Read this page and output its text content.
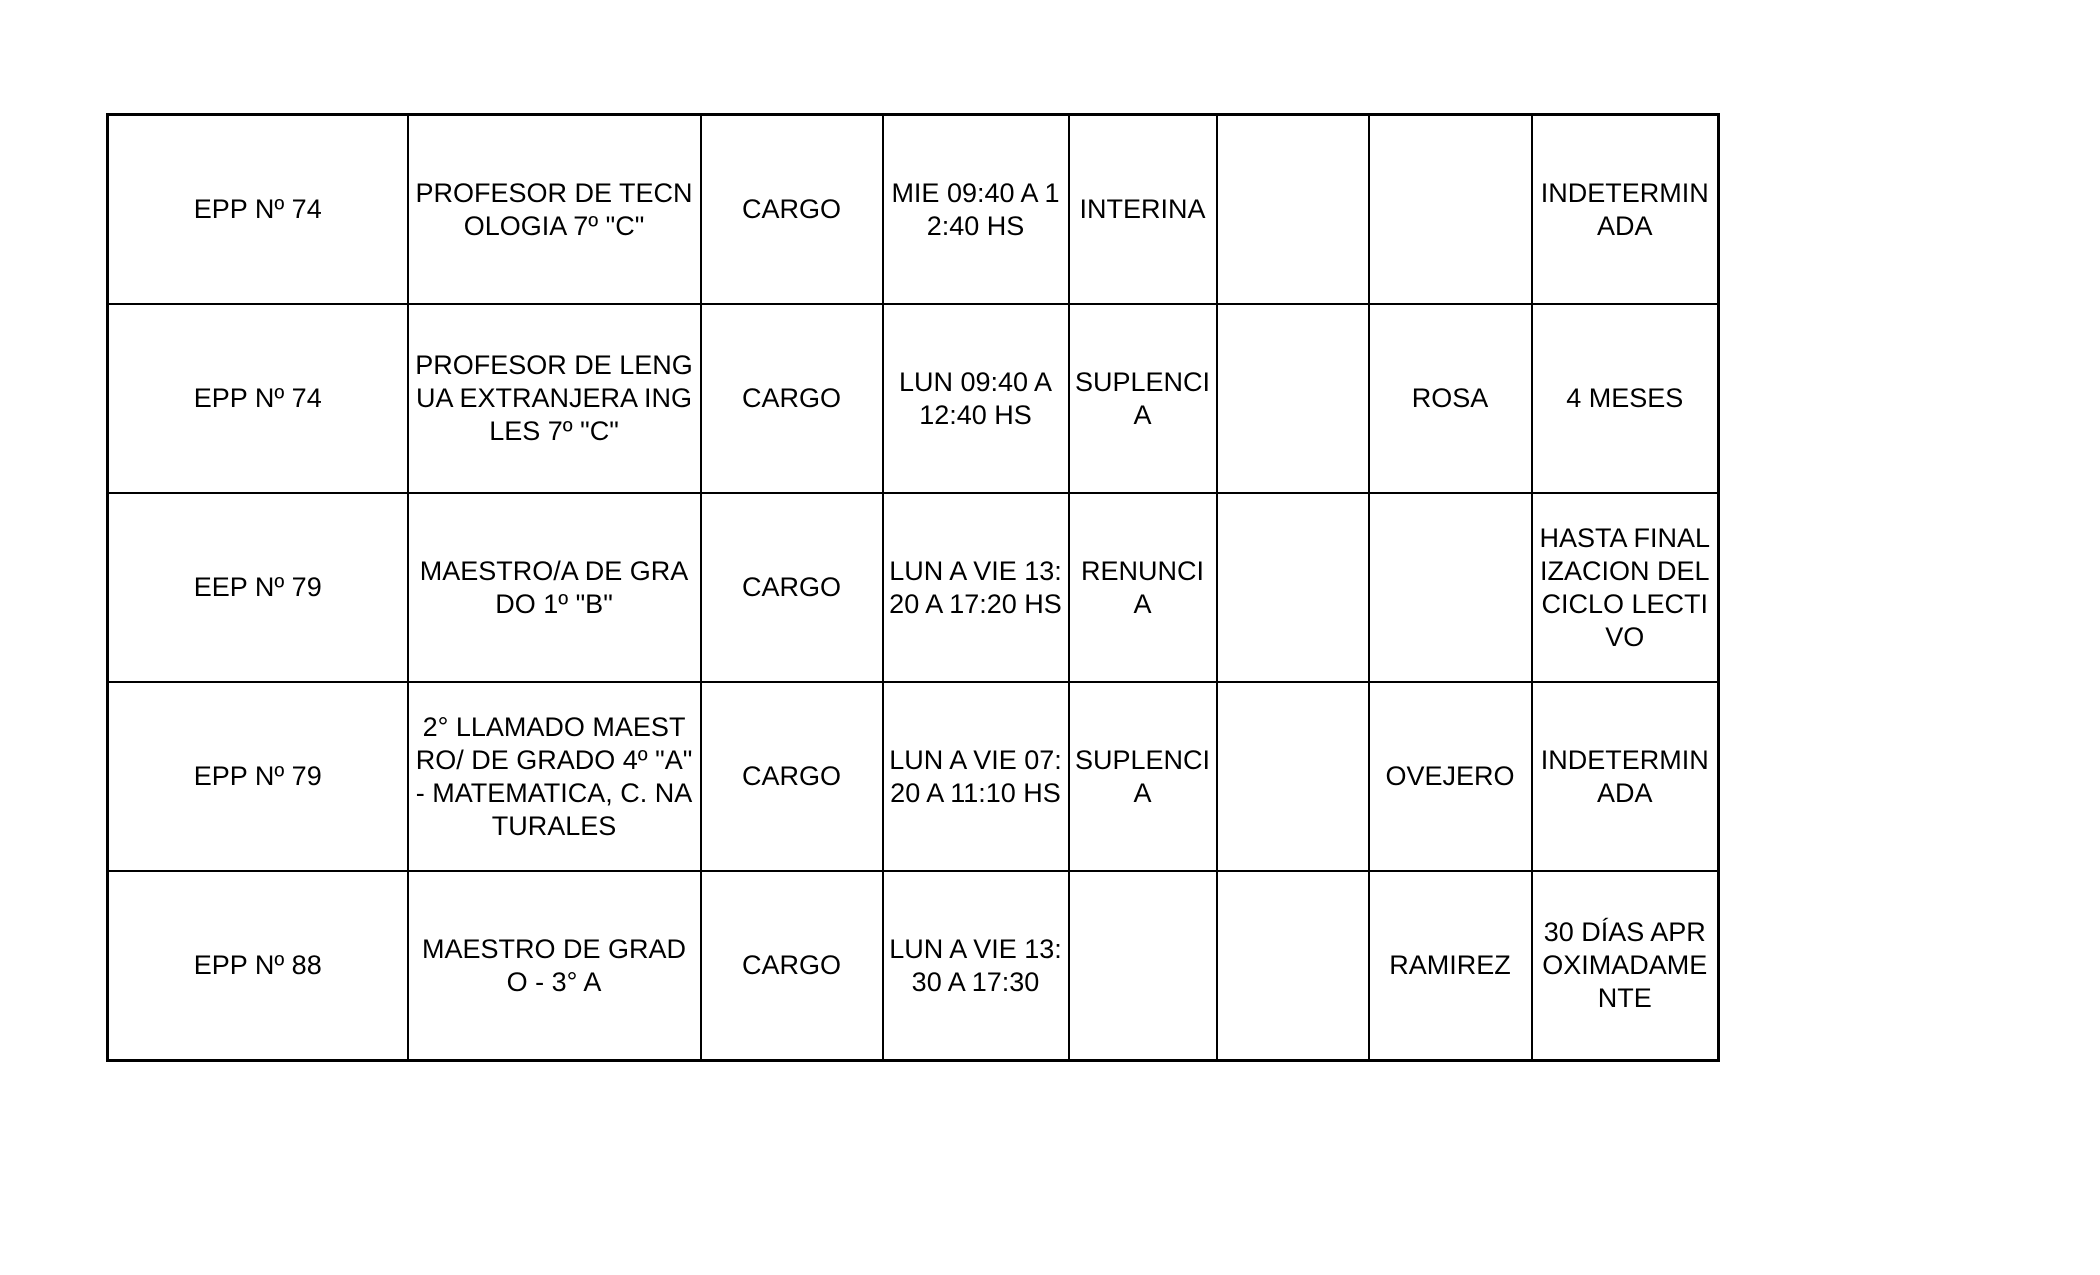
EPP Nº 74	PROFESOR DE TECNOLOGIA 7º "C"	CARGO	MIE 09:40 A 12:40 HS	INTERINA			INDETERMINADA
EPP Nº 74	PROFESOR DE LENGUA EXTRANJERA INGLES 7º "C"	CARGO	LUN 09:40 A 12:40 HS	SUPLENCIA		ROSA	4 MESES
EEP Nº 79	MAESTRO/A DE GRADO 1º "B"	CARGO	LUN A VIE 13:20 A 17:20 HS	RENUNCIA			HASTA FINALIZACION DEL CICLO LECTIVO
EPP Nº 79	2° LLAMADO MAESTRO/ DE GRADO 4º "A" - MATEMATICA, C. NATURALES	CARGO	LUN A VIE 07:20 A 11:10 HS	SUPLENCIA		OVEJERO	INDETERMINADA
EPP Nº 88	MAESTRO DE GRADO - 3° A	CARGO	LUN A VIE 13:30 A 17:30			RAMIREZ	30 DÍAS APROXIMADAMENTE
